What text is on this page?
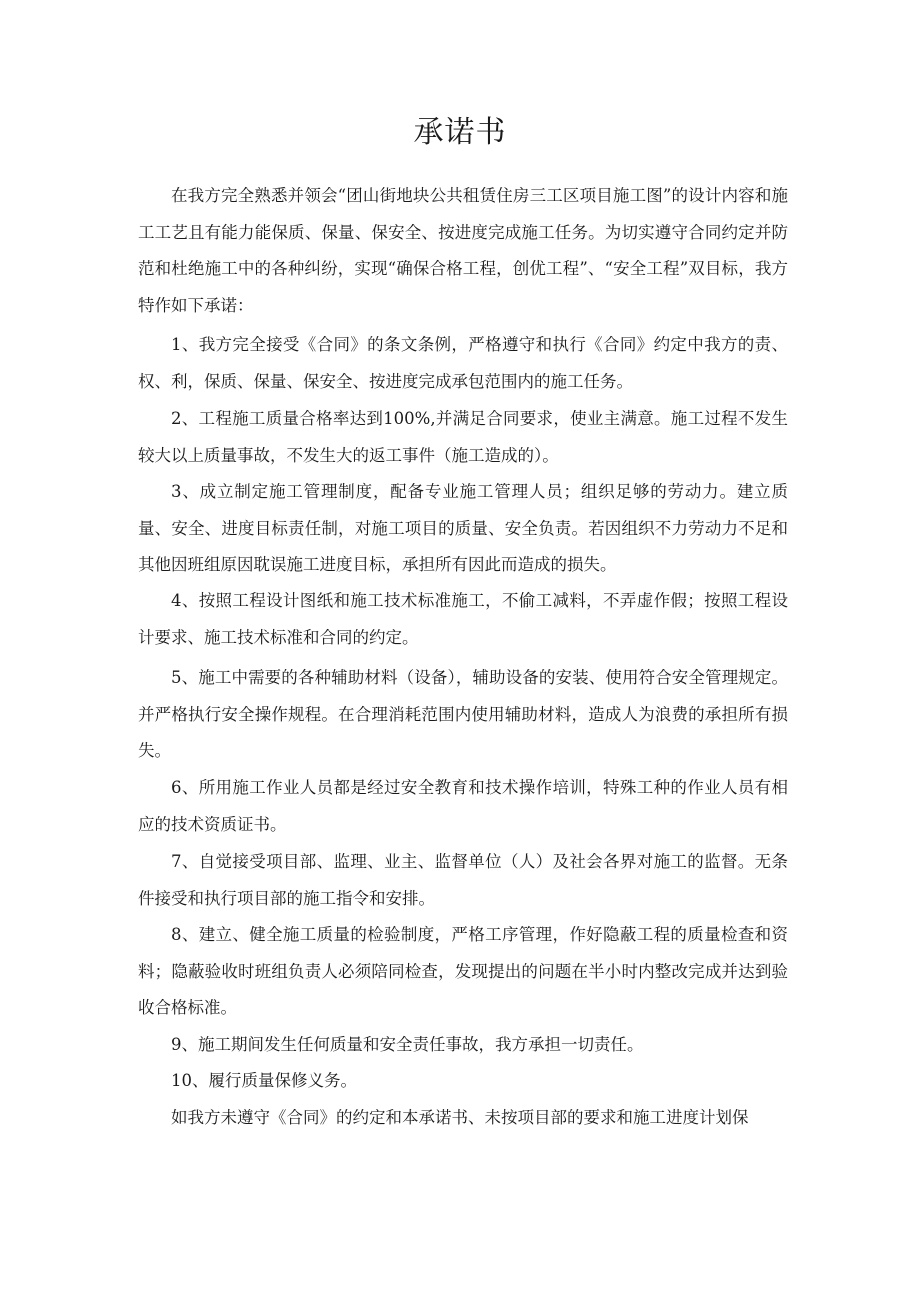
承诺书
在我方完全熟悉并领会“团山街地块公共租赁住房三工区项目施工图”的设计内容和施工工艺且有能力能保质、保量、保安全、按进度完成施工任务。为切实遵守合同约定并防范和杜绝施工中的各种纠纷，实现“确保合格工程，创优工程”、“安全工程”双目标，我方特作如下承诺：
1、我方完全接受《合同》的条文条例，严格遵守和执行《合同》约定中我方的责、权、利，保质、保量、保安全、按进度完成承包范围内的施工任务。
2、工程施工质量合格率达到100%,并满足合同要求，使业主满意。施工过程不发生较大以上质量事故，不发生大的返工事件（施工造成的）。
3、成立制定施工管理制度，配备专业施工管理人员；组织足够的劳动力。建立质量、安全、进度目标责任制，对施工项目的质量、安全负责。若因组织不力劳动力不足和其他因班组原因耽误施工进度目标，承担所有因此而造成的损失。
4、按照工程设计图纸和施工技术标准施工，不偷工减料，不弄虚作假；按照工程设计要求、施工技术标准和合同的约定。
5、施工中需要的各种辅助材料（设备），辅助设备的安装、使用符合安全管理规定。并严格执行安全操作规程。在合理消耗范围内使用辅助材料，造成人为浪费的承担所有损失。
6、所用施工作业人员都是经过安全教育和技术操作培训，特殊工种的作业人员有相应的技术资质证书。
7、自觉接受项目部、监理、业主、监督单位（人）及社会各界对施工的监督。无条件接受和执行项目部的施工指令和安排。
8、建立、健全施工质量的检验制度，严格工序管理，作好隐蔽工程的质量检查和资料；隐蔽验收时班组负责人必须陪同检查，发现提出的问题在半小时内整改完成并达到验收合格标准。
9、施工期间发生任何质量和安全责任事故，我方承担一切责任。
10、履行质量保修义务。
如我方未遵守《合同》的约定和本承诺书、未按项目部的要求和施工进度计划保
